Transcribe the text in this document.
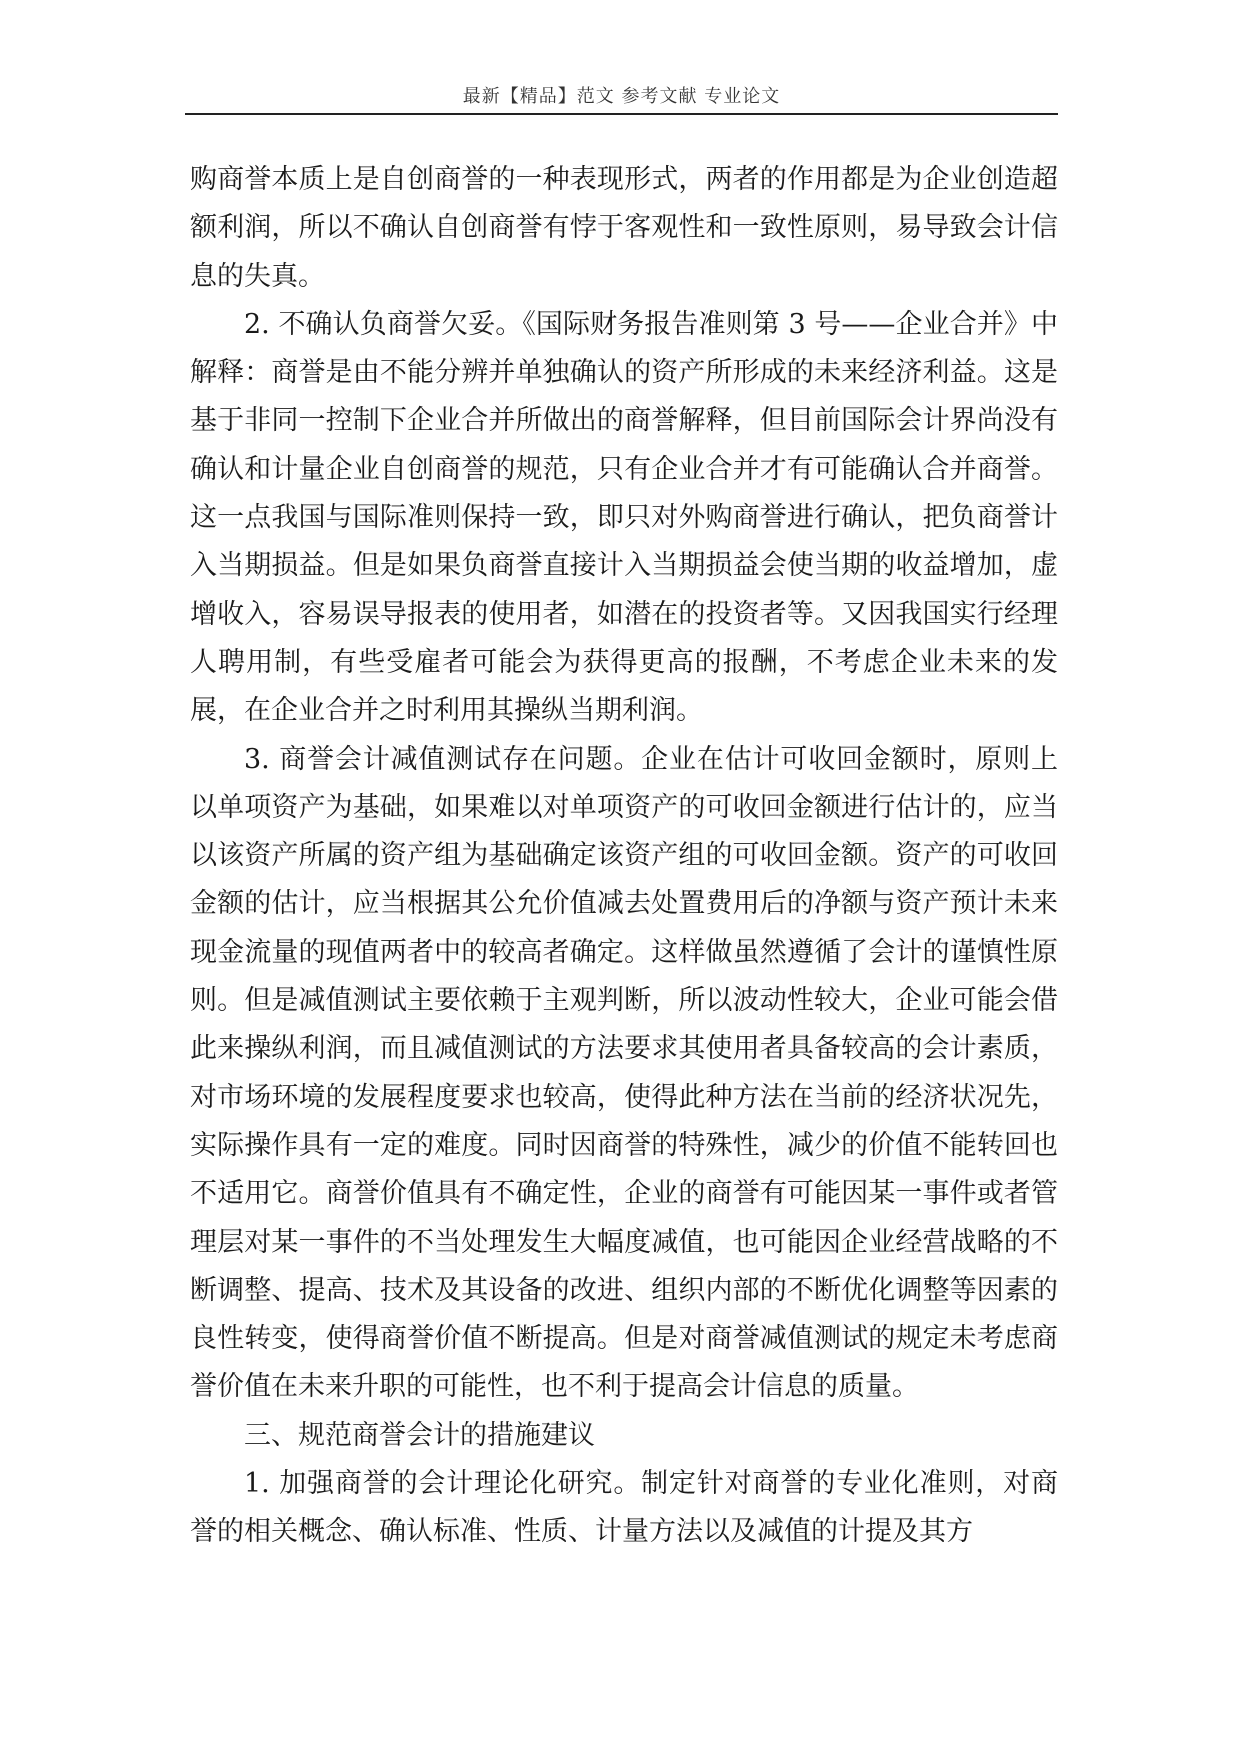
最新【精品】范文 参考文献 专业论文

购商誉本质上是自创商誉的一种表现形式，两者的作用都是为企业创造超额利润，所以不确认自创商誉有悖于客观性和一致性原则，易导致会计信息的失真。

2. 不确认负商誉欠妥。《国际财务报告准则第 3 号——企业合并》中解释：商誉是由不能分辨并单独确认的资产所形成的未来经济利益。这是基于非同一控制下企业合并所做出的商誉解释，但目前国际会计界尚没有确认和计量企业自创商誉的规范，只有企业合并才有可能确认合并商誉。这一点我国与国际准则保持一致，即只对外购商誉进行确认，把负商誉计入当期损益。但是如果负商誉直接计入当期损益会使当期的收益增加，虚增收入，容易误导报表的使用者，如潜在的投资者等。又因我国实行经理人聘用制，有些受雇者可能会为获得更高的报酬，不考虑企业未来的发展，在企业合并之时利用其操纵当期利润。

3. 商誉会计减值测试存在问题。企业在估计可收回金额时，原则上以单项资产为基础，如果难以对单项资产的可收回金额进行估计的，应当以该资产所属的资产组为基础确定该资产组的可收回金额。资产的可收回金额的估计，应当根据其公允价值减去处置费用后的净额与资产预计未来现金流量的现值两者中的较高者确定。这样做虽然遵循了会计的谨慎性原则。但是减值测试主要依赖于主观判断，所以波动性较大，企业可能会借此来操纵利润，而且减值测试的方法要求其使用者具备较高的会计素质，对市场环境的发展程度要求也较高，使得此种方法在当前的经济状况先，实际操作具有一定的难度。同时因商誉的特殊性，减少的价值不能转回也不适用它。商誉价值具有不确定性，企业的商誉有可能因某一事件或者管理层对某一事件的不当处理发生大幅度减值，也可能因企业经营战略的不断调整、提高、技术及其设备的改进、组织内部的不断优化调整等因素的良性转变，使得商誉价值不断提高。但是对商誉减值测试的规定未考虑商誉价值在未来升职的可能性，也不利于提高会计信息的质量。

三、规范商誉会计的措施建议

1. 加强商誉的会计理论化研究。制定针对商誉的专业化准则，对商誉的相关概念、确认标准、性质、计量方法以及减值的计提及其方
